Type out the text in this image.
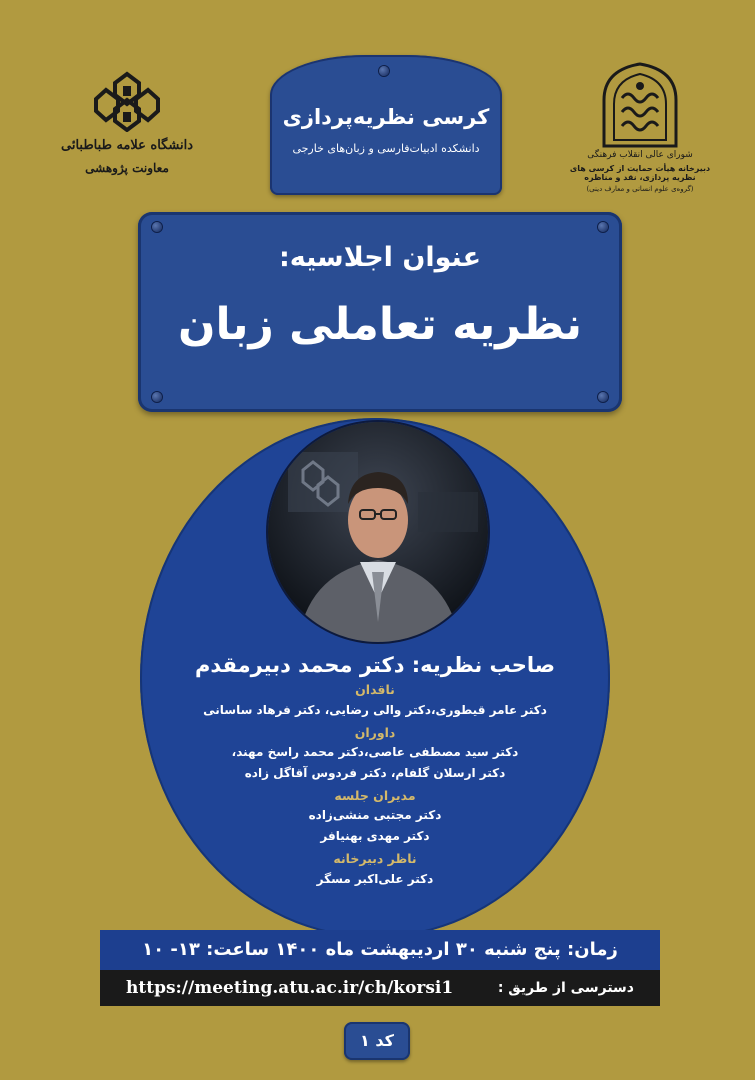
دانشگاه علامه طباطبائی
معاونت پژوهشی
شورای عالی انقلاب فرهنگی
دبیرخانه هیأت حمایت از کرسی های نظریه پردازی، نقد و مناظره
(گروه‌ی علوم انسانی و معارف دینی)
کرسی نظریه‌پردازی
دانشکده ادبیات‌فارسی و زبان‌های خارجی
عنوان اجلاسیه:
نظریه تعاملی زبان
صاحب نظریه: دکتر محمد دبیرمقدم
ناقدان
دکتر عامر قیطوری،دکتر والی رضایی، دکتر فرهاد ساسانی
داوران
دکتر سید مصطفی عاصی،دکتر محمد راسخ مهند،
دکتر ارسلان گلفام، دکتر فردوس آقاگل زاده
مدیران جلسه
دکتر مجتبی منشی‌زاده
دکتر مهدی بهنیافر
ناظر دبیرخانه
دکتر علی‌اکبر مسگر
زمان: پنج شنبه ۳۰ اردیبهشت ماه ۱۴۰۰ ساعت: ۱۳- ۱۰
دسترسی از طریق :
https://meeting.atu.ac.ir/ch/korsi1
کد ۱
